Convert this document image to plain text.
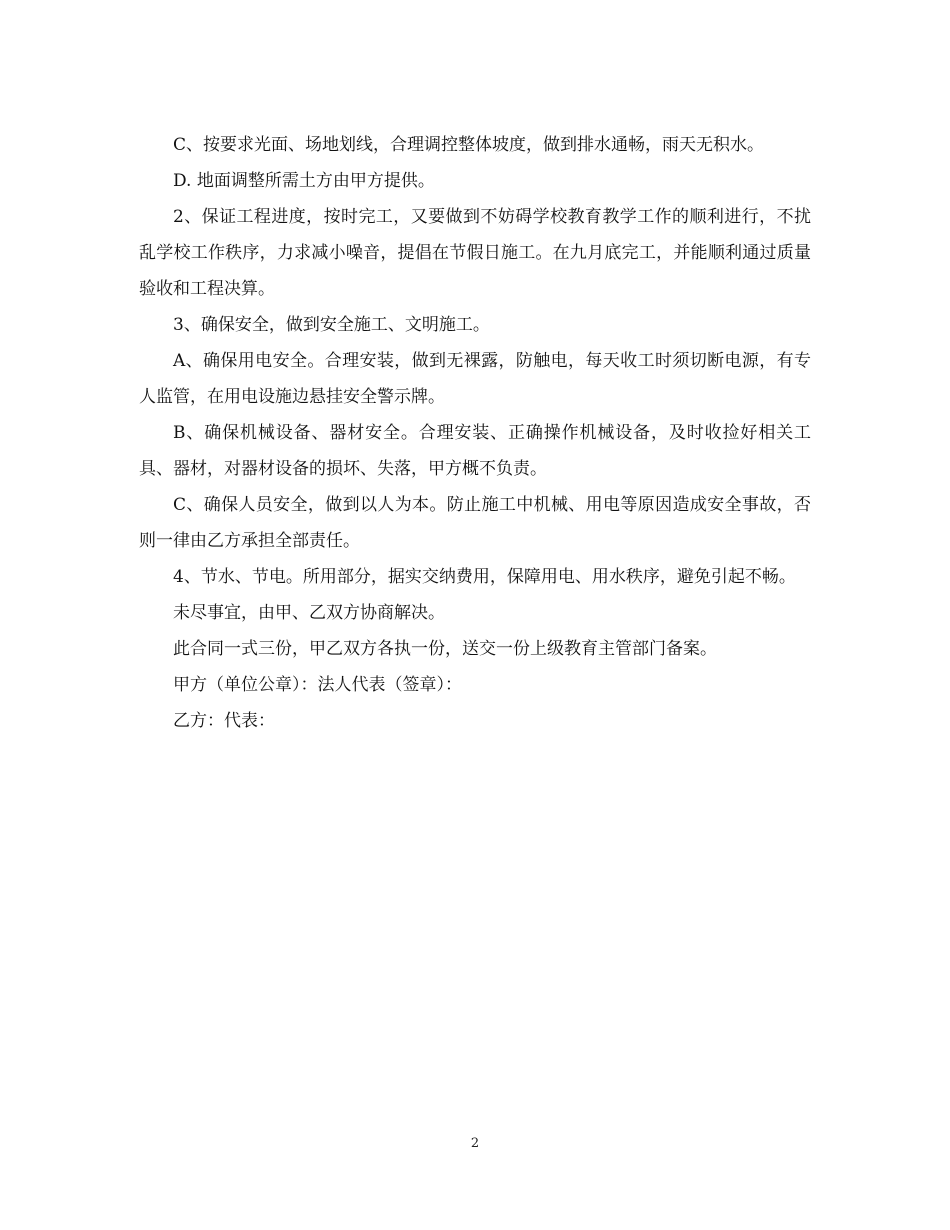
C、按要求光面、场地划线，合理调控整体坡度，做到排水通畅，雨天无积水。

D. 地面调整所需土方由甲方提供。

2、保证工程进度，按时完工，又要做到不妨碍学校教育教学工作的顺利进行，不扰乱学校工作秩序，力求减小噪音，提倡在节假日施工。在九月底完工，并能顺利通过质量验收和工程决算。

3、确保安全，做到安全施工、文明施工。

A、确保用电安全。合理安装，做到无裸露，防触电，每天收工时须切断电源，有专人监管，在用电设施边悬挂安全警示牌。

B、确保机械设备、器材安全。合理安装、正确操作机械设备，及时收捡好相关工具、器材，对器材设备的损坏、失落，甲方概不负责。

C、确保人员安全，做到以人为本。防止施工中机械、用电等原因造成安全事故，否则一律由乙方承担全部责任。

4、节水、节电。所用部分，据实交纳费用，保障用电、用水秩序，避免引起不畅。

未尽事宜，由甲、乙双方协商解决。

此合同一式三份，甲乙双方各执一份，送交一份上级教育主管部门备案。

甲方（单位公章）：法人代表（签章）：

乙方：代表：

2
